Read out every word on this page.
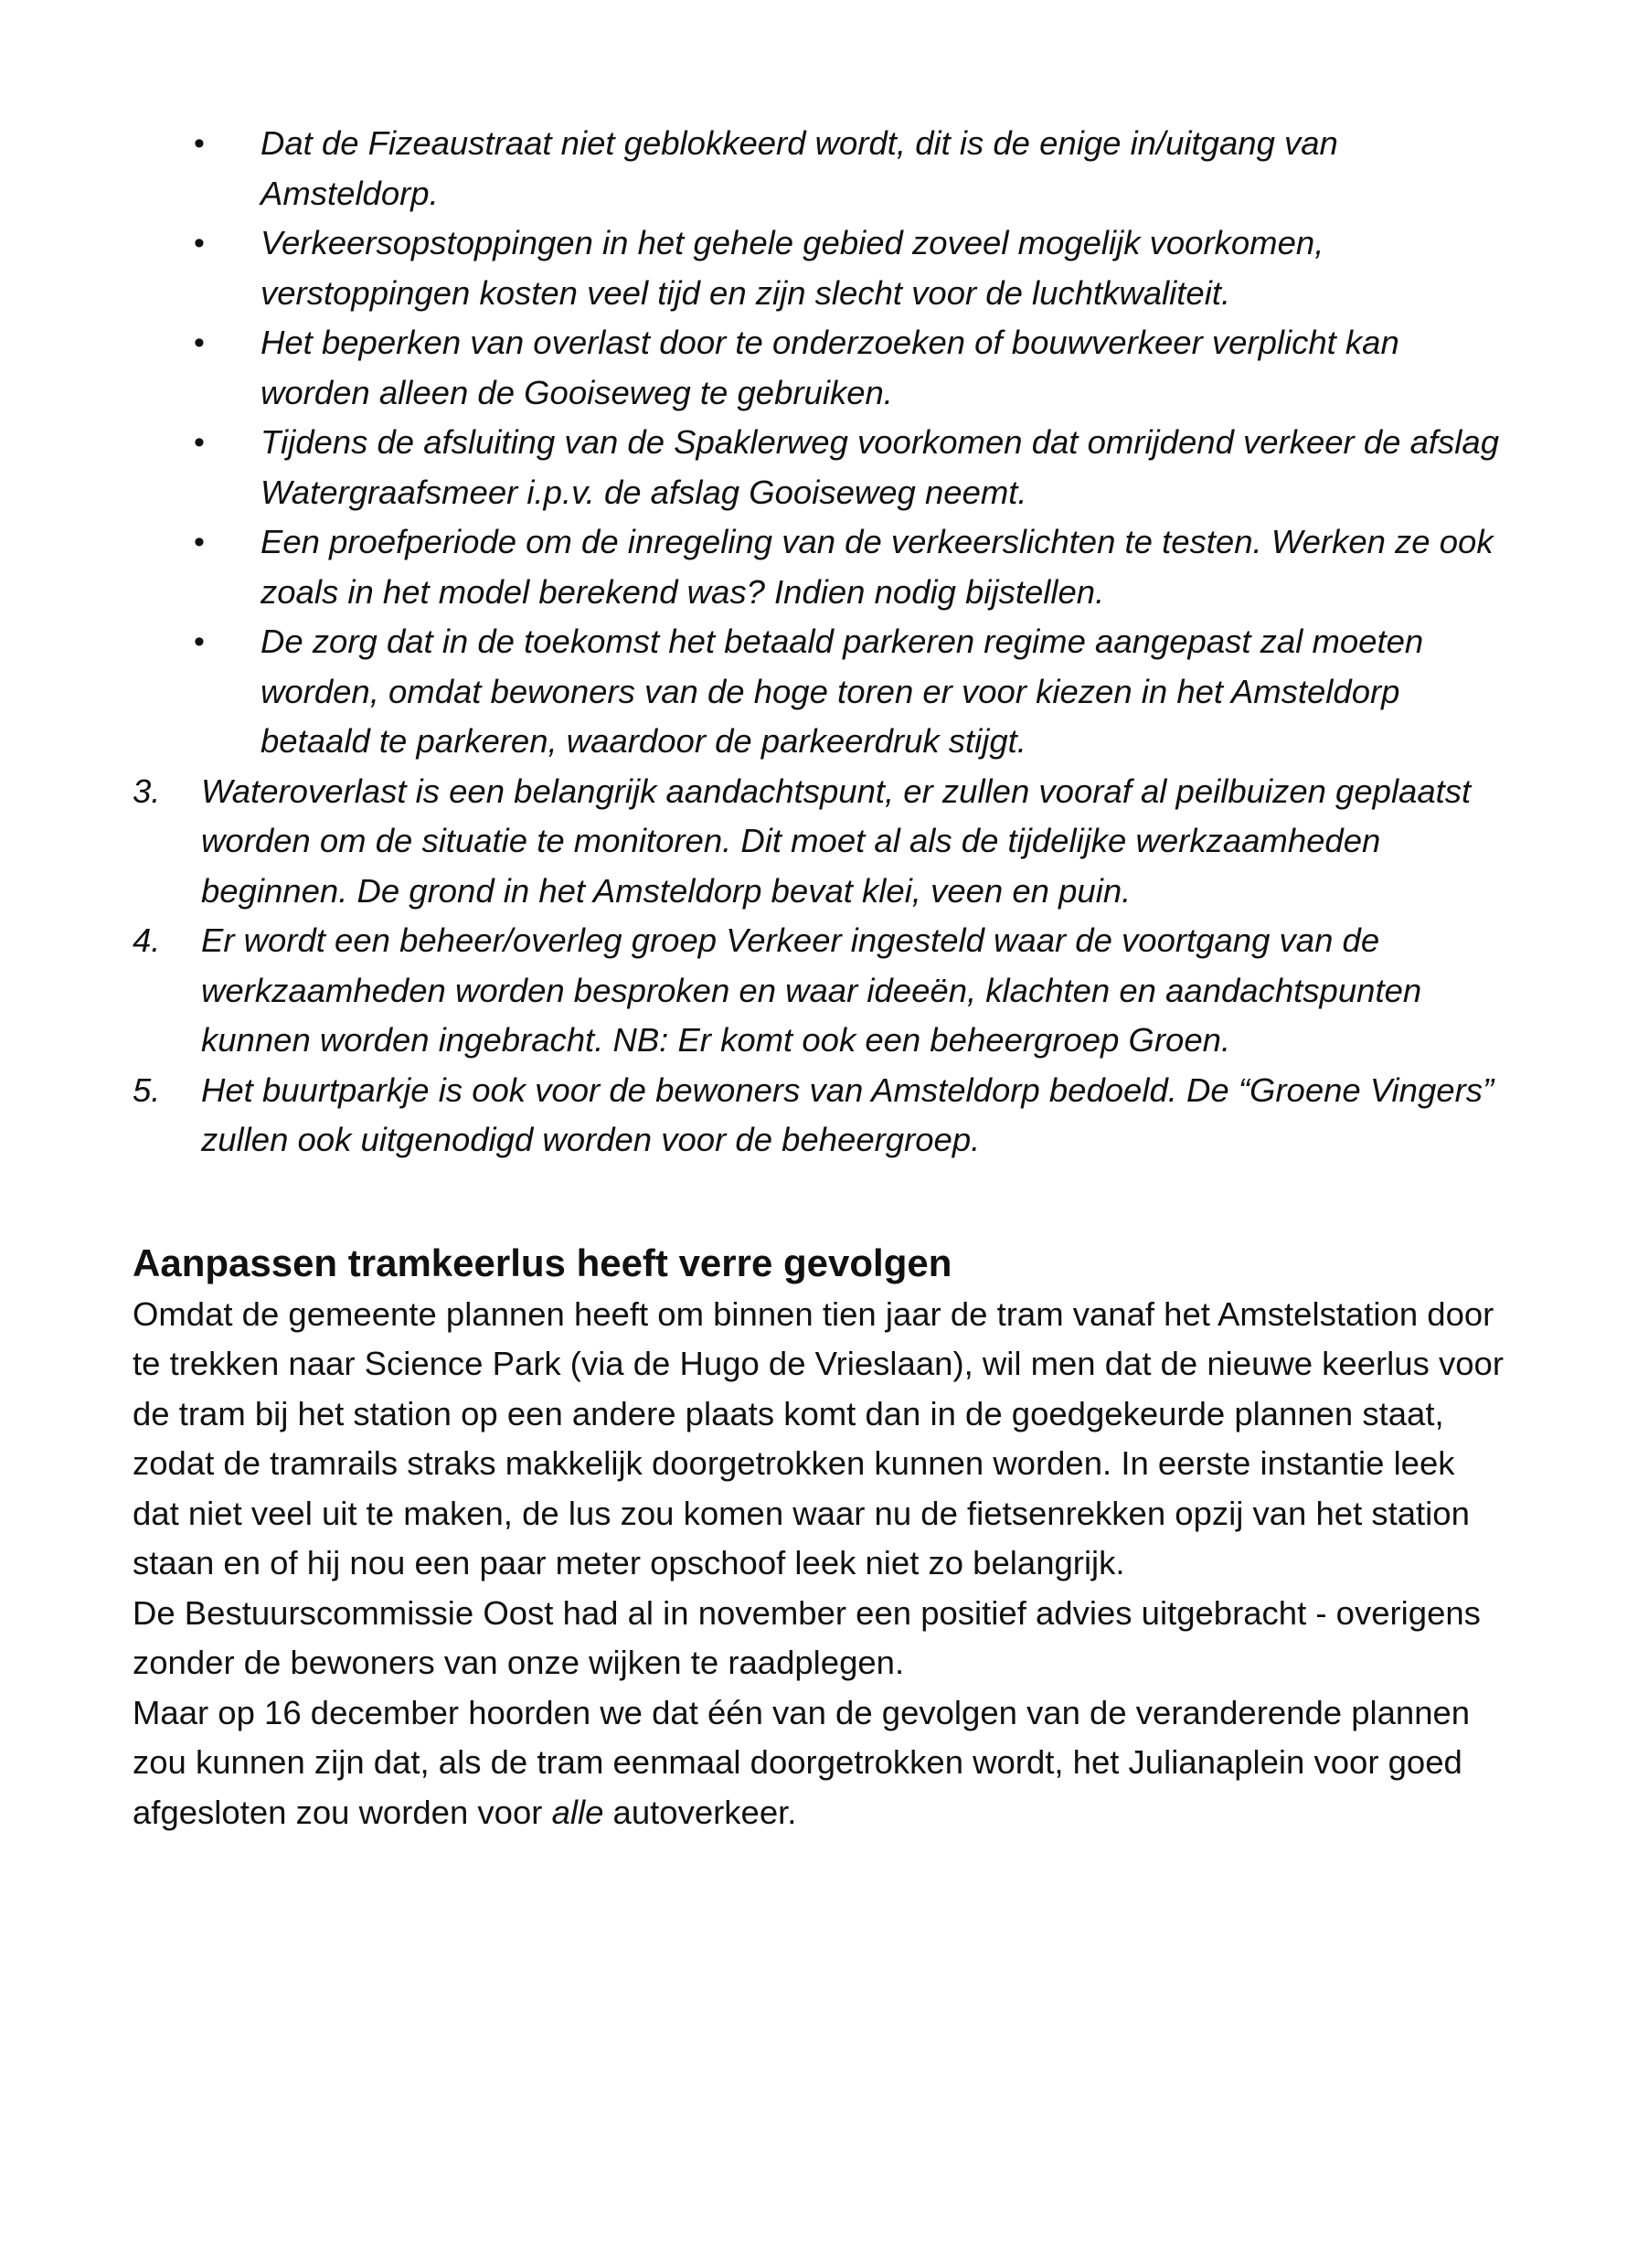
• Dat de Fizeaustraat niet geblokkeerd wordt, dit is de enige in/uitgang van Amsteldorp.
• Verkeersopstoppingen in het gehele gebied zoveel mogelijk voorkomen, verstoppingen kosten veel tijd en zijn slecht voor de luchtkwaliteit.
• Het beperken van overlast door te onderzoeken of bouwverkeer verplicht kan worden alleen de Gooiseweg te gebruiken.
• Tijdens de afsluiting van de Spaklerweg voorkomen dat omrijdend verkeer de afslag Watergraafsmeer i.p.v. de afslag Gooiseweg neemt.
• Een proefperiode om de inregeling van de verkeerslichten te testen. Werken ze ook zoals in het model berekend was? Indien nodig bijstellen.
• De zorg dat in de toekomst het betaald parkeren regime aangepast zal moeten worden, omdat bewoners van de hoge toren er voor kiezen in het Amsteldorp betaald te parkeren, waardoor de parkeerdruk stijgt.
3. Wateroverlast is een belangrijk aandachtspunt, er zullen vooraf al peilbuizen geplaatst worden om de situatie te monitoren. Dit moet al als de tijdelijke werkzaamheden beginnen. De grond in het Amsteldorp bevat klei, veen en puin.
4. Er wordt een beheer/overleg groep Verkeer ingesteld waar de voortgang van de werkzaamheden worden besproken en waar ideeën, klachten en aandachtspunten kunnen worden ingebracht. NB: Er komt ook een beheergroep Groen.
5. Het buurtparkje is ook voor de bewoners van Amsteldorp bedoeld. De “Groene Vingers” zullen ook uitgenodigd worden voor de beheergroep.
Aanpassen tramkeerlus heeft verre gevolgen

Omdat de gemeente plannen heeft om binnen tien jaar de tram vanaf het Amstelstation door te trekken naar Science Park (via de Hugo de Vrieslaan), wil men dat de nieuwe keerlus voor de tram bij het station op een andere plaats komt dan in de goedgekeurde plannen staat, zodat de tramrails straks makkelijk doorgetrokken kunnen worden. In eerste instantie leek dat niet veel uit te maken, de lus zou komen waar nu de fietsenrekken opzij van het station staan en of hij nou een paar meter opschoof leek niet zo belangrijk.

De Bestuurscommissie Oost had al in november een positief advies uitgebracht - overigens zonder de bewoners van onze wijken te raadplegen.

Maar op 16 december hoorden we dat één van de gevolgen van de veranderende plannen zou kunnen zijn dat, als de tram eenmaal doorgetrokken wordt, het Julianaplein voor goed afgesloten zou worden voor alle autoverkeer.
